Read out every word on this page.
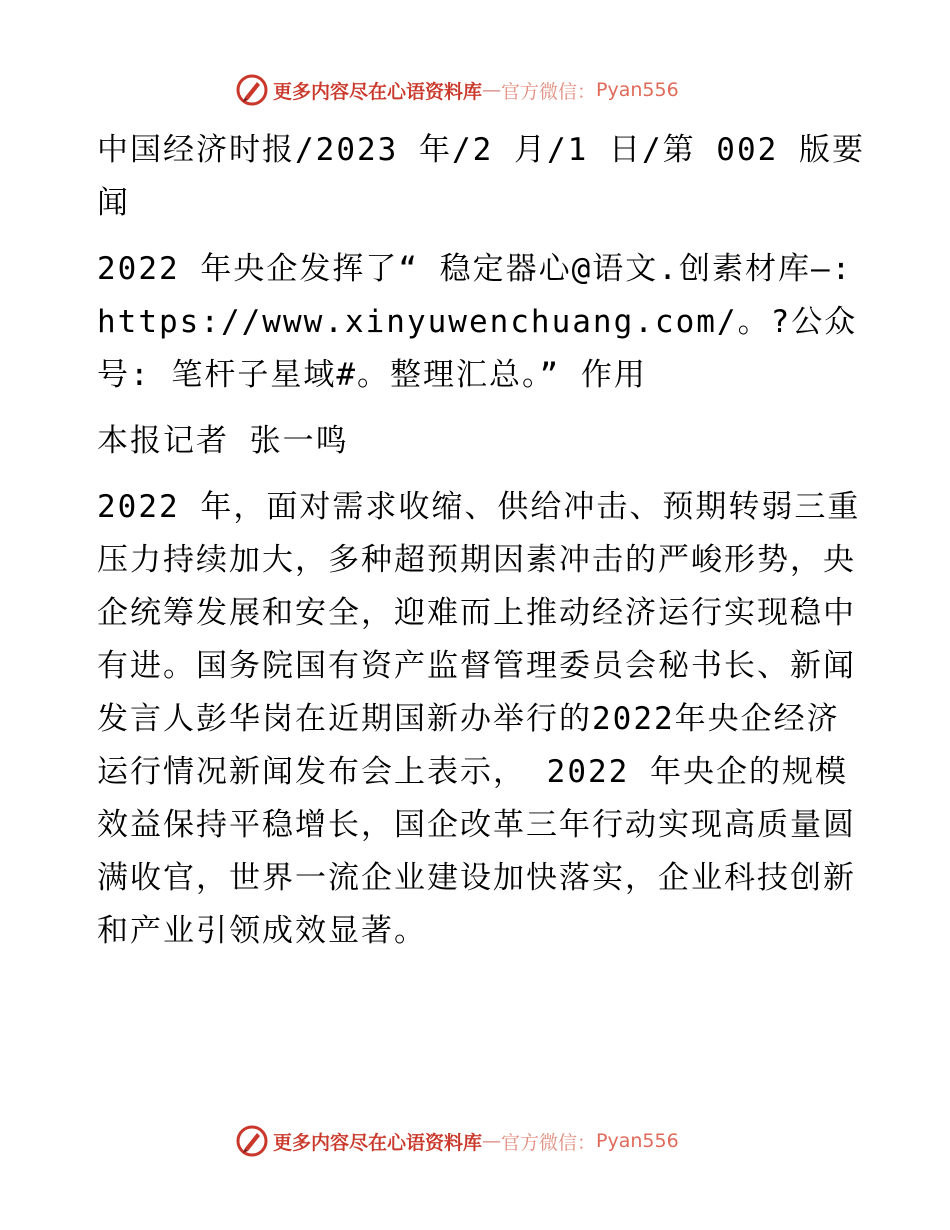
更多内容尽在心语资料库 — 官方微信： Pyan556

中国经济时报/2023 年/2 月/1 日/第 002 版要闻

2022 年央企发挥了“ 稳定器心@语文.创素材库—: https://www.xinyuwenchuang.com/。?公众号: 笔杆子星域#。整理汇总。” 作用

本报记者 张一鸣

2022 年，面对需求收缩、供给冲击、预期转弱三重压力持续加大，多种超预期因素冲击的严峻形势，央企统筹发展和安全，迎难而上推动经济运行实现稳中有进。国务院国有资产监督管理委员会秘书长、新闻发言人彭华岗在近期国新办举行的2022年央企经济运行情况新闻发布会上表示， 2022 年央企的规模效益保持平稳增长，国企改革三年行动实现高质量圆满收官，世界一流企业建设加快落实，企业科技创新和产业引领成效显著。

更多内容尽在心语资料库 — 官方微信： Pyan556
